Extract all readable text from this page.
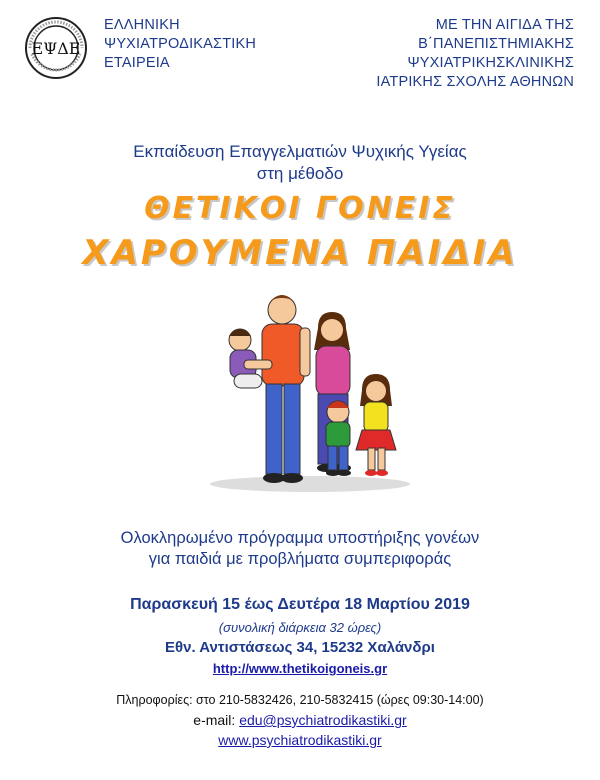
ΕΨΔΕ
ΕΛΛΗΝΙΚΗ
ΨΥΧΙΑΤΡΟΔΙΚΑΣΤΙΚΗ
ΕΤΑΙΡΕΙΑ
ΜΕ ΤΗΝ ΑΙΓΙΔΑ ΤΗΣ
Β΄ΠΑΝΕΠΙΣΤΗΜΙΑΚΗΣ
ΨΥΧΙΑΤΡΙΚΗΣΚΛΙΝΙΚΗΣ
ΙΑΤΡΙΚΗΣ ΣΧΟΛΗΣ ΑΘΗΝΩΝ
Εκπαίδευση Επαγγελματιών Ψυχικής Υγείας
στη μέθοδο
ΘΕΤΙΚΟΙ ΓΟΝΕΙΣ
ΧΑΡΟΥΜΕΝΑ ΠΑΙΔΙΑ
Ολοκληρωμένο πρόγραμμα υποστήριξης γονέων
για παιδιά με προβλήματα συμπεριφοράς
Παρασκευή 15 έως Δευτέρα 18 Μαρτίου 2019
(συνολική διάρκεια 32 ώρες)
Εθν. Αντιστάσεως 34, 15232 Χαλάνδρι
http://www.thetikoigoneis.gr
Πληροφορίες: στο 210-5832426, 210-5832415 (ώρες 09:30-14:00)
e-mail: edu@psychiatrodikastiki.gr
www.psychiatrodikastiki.gr
